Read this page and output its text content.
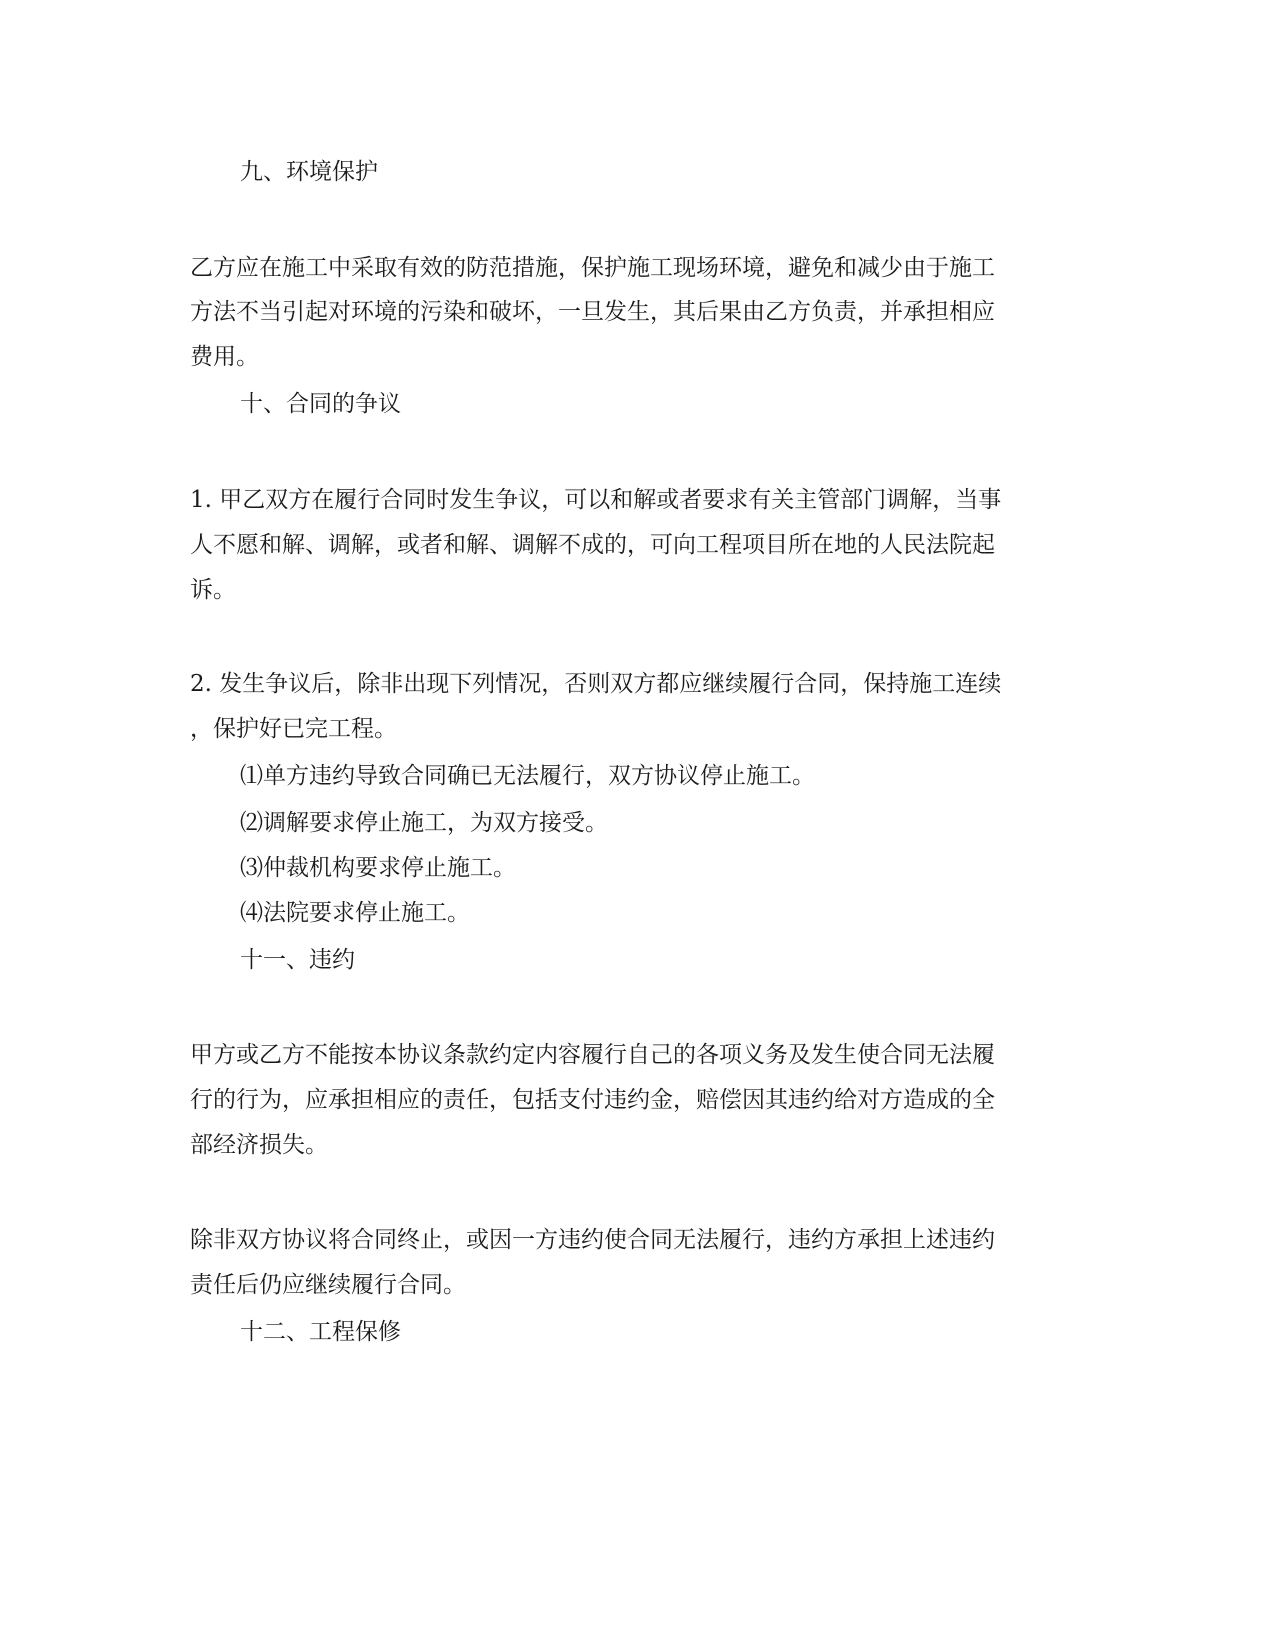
九、环境保护
乙方应在施工中采取有效的防范措施，保护施工现场环境，避免和减少由于施工
方法不当引起对环境的污染和破坏，一旦发生，其后果由乙方负责，并承担相应
费用。
十、合同的争议
1. 甲乙双方在履行合同时发生争议，可以和解或者要求有关主管部门调解，当事
人不愿和解、调解，或者和解、调解不成的，可向工程项目所在地的人民法院起
诉。
2. 发生争议后，除非出现下列情况，否则双方都应继续履行合同，保持施工连续
，保护好已完工程。
⑴单方违约导致合同确已无法履行，双方协议停止施工。
⑵调解要求停止施工，为双方接受。
⑶仲裁机构要求停止施工。
⑷法院要求停止施工。
十一、违约
甲方或乙方不能按本协议条款约定内容履行自己的各项义务及发生使合同无法履
行的行为，应承担相应的责任，包括支付违约金，赔偿因其违约给对方造成的全
部经济损失。
除非双方协议将合同终止，或因一方违约使合同无法履行，违约方承担上述违约
责任后仍应继续履行合同。
十二、工程保修
